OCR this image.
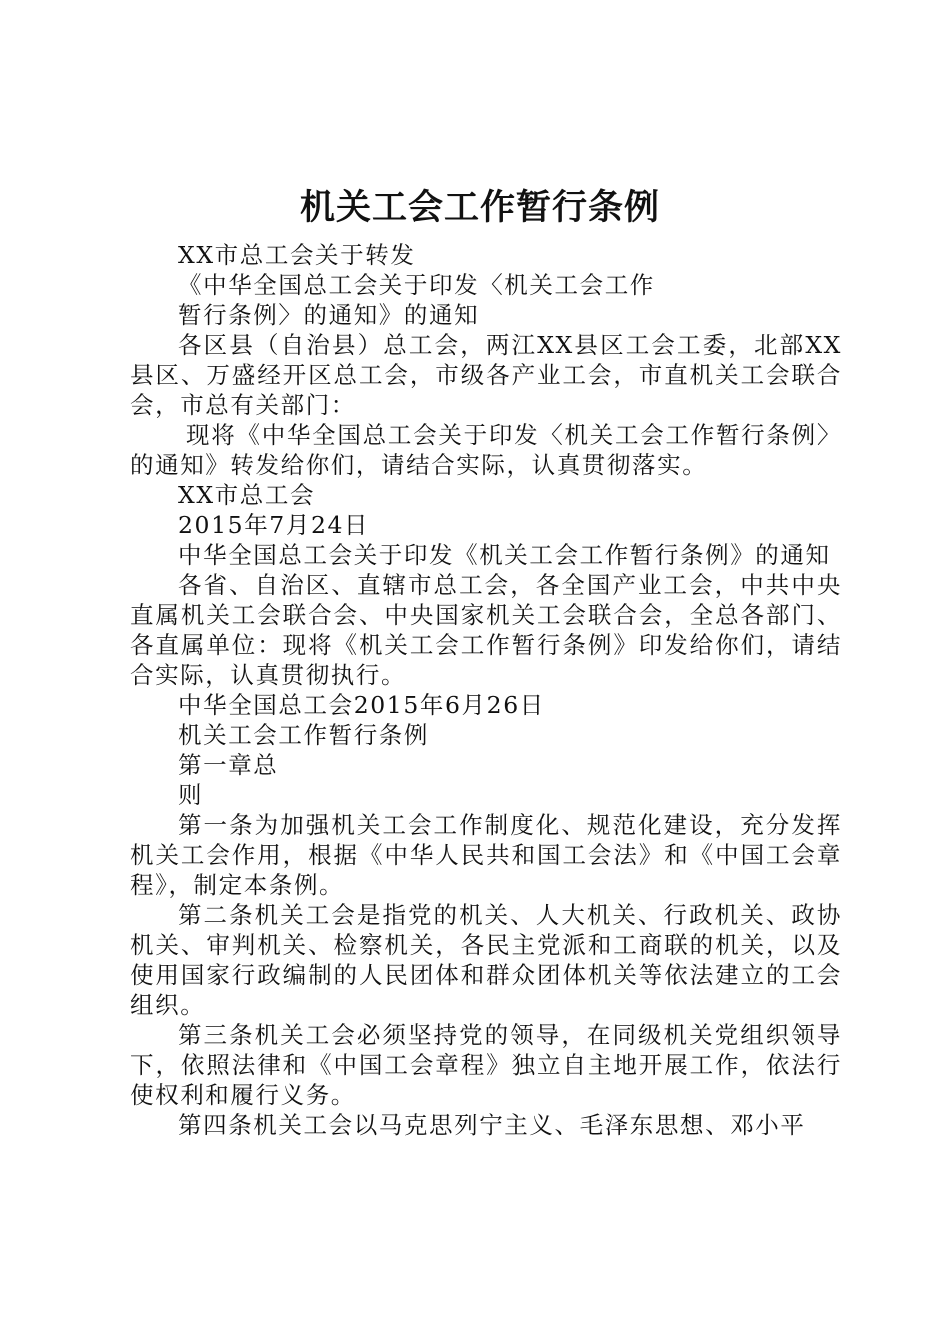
机关工会工作暂行条例

XX市总工会关于转发

《中华全国总工会关于印发〈机关工会工作

暂行条例〉的通知》的通知

各区县（自治县）总工会，两江XX县区工会工委，北部XX县区、万盛经开区总工会，市级各产业工会，市直机关工会联合会，市总有关部门：

现将《中华全国总工会关于印发〈机关工会工作暂行条例〉的通知》转发给你们，请结合实际，认真贯彻落实。

XX市总工会

2015年7月24日

中华全国总工会关于印发《机关工会工作暂行条例》的通知

各省、自治区、直辖市总工会，各全国产业工会，中共中央直属机关工会联合会、中央国家机关工会联合会，全总各部门、各直属单位：现将《机关工会工作暂行条例》印发给你们，请结合实际，认真贯彻执行。

中华全国总工会2015年6月26日

机关工会工作暂行条例

第一章总

则

第一条为加强机关工会工作制度化、规范化建设，充分发挥机关工会作用，根据《中华人民共和国工会法》和《中国工会章程》，制定本条例。

第二条机关工会是指党的机关、人大机关、行政机关、政协机关、审判机关、检察机关，各民主党派和工商联的机关，以及使用国家行政编制的人民团体和群众团体机关等依法建立的工会组织。

第三条机关工会必须坚持党的领导，在同级机关党组织领导下，依照法律和《中国工会章程》独立自主地开展工作，依法行使权利和履行义务。

第四条机关工会以马克思列宁主义、毛泽东思想、邓小平
